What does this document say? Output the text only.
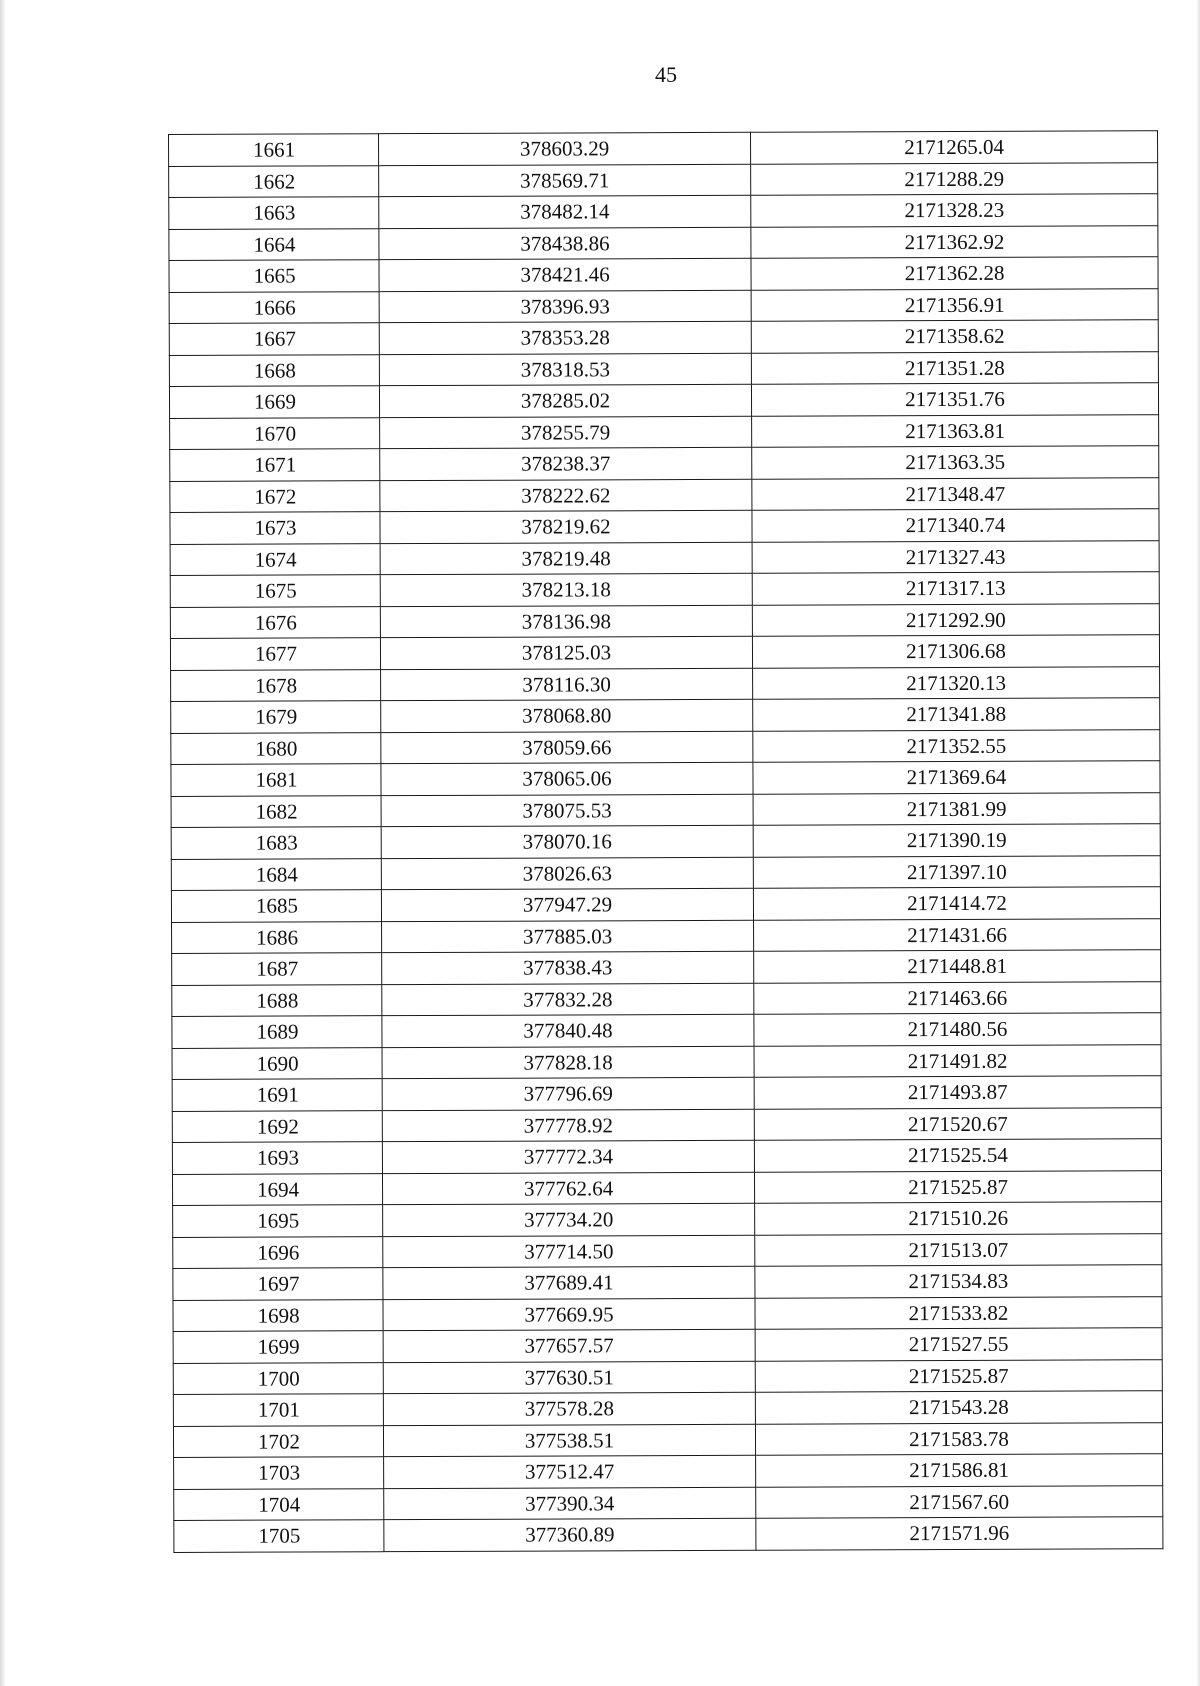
45
1661	378603.29	2171265.04
1662	378569.71	2171288.29
1663	378482.14	2171328.23
1664	378438.86	2171362.92
1665	378421.46	2171362.28
1666	378396.93	2171356.91
1667	378353.28	2171358.62
1668	378318.53	2171351.28
1669	378285.02	2171351.76
1670	378255.79	2171363.81
1671	378238.37	2171363.35
1672	378222.62	2171348.47
1673	378219.62	2171340.74
1674	378219.48	2171327.43
1675	378213.18	2171317.13
1676	378136.98	2171292.90
1677	378125.03	2171306.68
1678	378116.30	2171320.13
1679	378068.80	2171341.88
1680	378059.66	2171352.55
1681	378065.06	2171369.64
1682	378075.53	2171381.99
1683	378070.16	2171390.19
1684	378026.63	2171397.10
1685	377947.29	2171414.72
1686	377885.03	2171431.66
1687	377838.43	2171448.81
1688	377832.28	2171463.66
1689	377840.48	2171480.56
1690	377828.18	2171491.82
1691	377796.69	2171493.87
1692	377778.92	2171520.67
1693	377772.34	2171525.54
1694	377762.64	2171525.87
1695	377734.20	2171510.26
1696	377714.50	2171513.07
1697	377689.41	2171534.83
1698	377669.95	2171533.82
1699	377657.57	2171527.55
1700	377630.51	2171525.87
1701	377578.28	2171543.28
1702	377538.51	2171583.78
1703	377512.47	2171586.81
1704	377390.34	2171567.60
1705	377360.89	2171571.96
